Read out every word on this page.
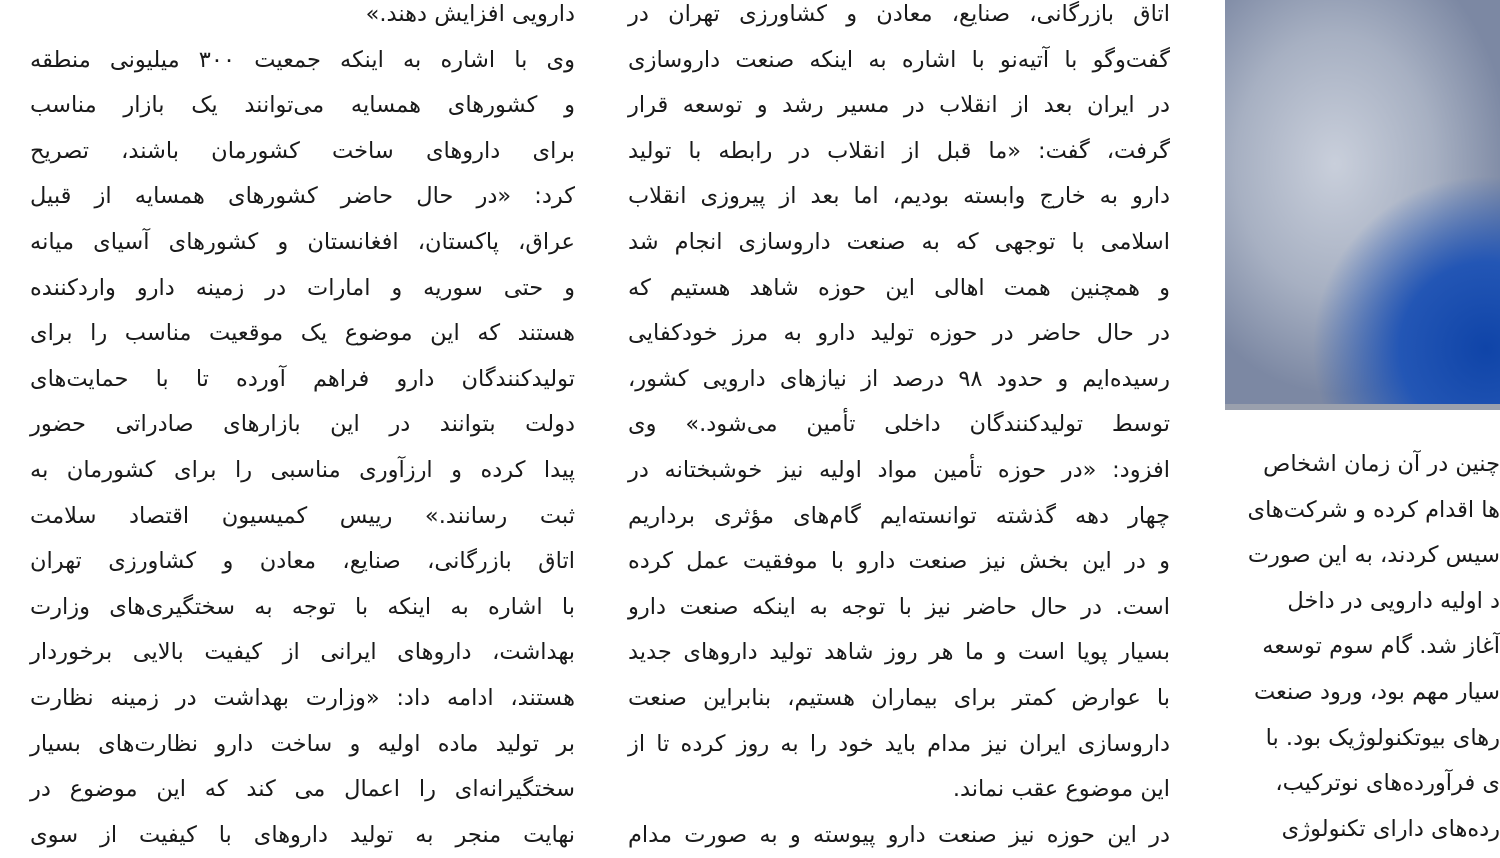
دارویی افزایش دهند.»
وی با اشاره به اینکه جمعیت ۳۰۰ میلیونی منطقه
و کشورهای همسایه می‌توانند یک بازار مناسب
برای داروهای ساخت کشورمان باشند، تصریح
کرد: «در حال حاضر کشورهای همسایه از قبیل
عراق، پاکستان، افغانستان و کشورهای آسیای میانه
و حتی سوریه و امارات در زمینه دارو واردکننده
هستند که این موضوع یک موقعیت مناسب را برای
تولیدکنندگان دارو فراهم آورده تا با حمایت‌های
دولت بتوانند در این بازارهای صادراتی حضور
پیدا کرده و ارزآوری مناسبی را برای کشورمان به
ثبت رسانند.» رییس کمیسیون اقتصاد سلامت
اتاق بازرگانی، صنایع، معادن و کشاورزی تهران
با اشاره به اینکه با توجه به سختگیری‌های وزارت
بهداشت، داروهای ایرانی از کیفیت بالایی برخوردار
هستند، ادامه داد: «وزارت بهداشت در زمینه نظارت
بر تولید ماده اولیه و ساخت دارو نظارت‌های بسیار
سختگیرانه‌ای را اعمال می کند که این موضوع در
نهایت منجر به تولید داروهای با کیفیت از سوی
اتاق بازرگانی، صنایع، معادن و کشاورزی تهران در
گفت‌وگو با آتیه‌نو با اشاره به اینکه صنعت داروسازی
در ایران بعد از انقلاب در مسیر رشد و توسعه قرار
گرفت، گفت: «ما قبل از انقلاب در رابطه با تولید
دارو به خارج وابسته بودیم، اما بعد از پیروزی انقلاب
اسلامی با توجهی که به صنعت داروسازی انجام شد
و همچنین همت اهالی این حوزه شاهد هستیم که
در حال حاضر در حوزه تولید دارو به مرز خودکفایی
رسیده‌ایم و حدود ۹۸ درصد از نیازهای دارویی کشور،
توسط تولیدکنندگان داخلی تأمین می‌شود.» وی
افزود: «در حوزه تأمین مواد اولیه نیز خوشبختانه در
چهار دهه گذشته توانسته‌ایم گام‌های مؤثری برداریم
و در این بخش نیز صنعت دارو با موفقیت عمل کرده
است. در حال حاضر نیز با توجه به اینکه صنعت دارو
بسیار پویا است و ما هر روز شاهد تولید داروهای جدید
با عوارض کمتر برای بیماران هستیم، بنابراین صنعت
داروسازی ایران نیز مدام باید خود را به روز کرده تا از
این موضوع عقب نماند.
در این حوزه نیز صنعت دارو پیوسته و به صورت مدام
چنین در آن زمان اشخاص
ها اقدام کرده و شرکت‌های
سیس کردند، به این صورت
د اولیه دارویی در داخل
آغاز شد. گام سوم توسعه
سیار مهم بود، ورود صنعت
رهای بیوتکنولوژیک بود. با
ی فرآورده‌های نوترکیب،
رده‌های دارای تکنولوژی
